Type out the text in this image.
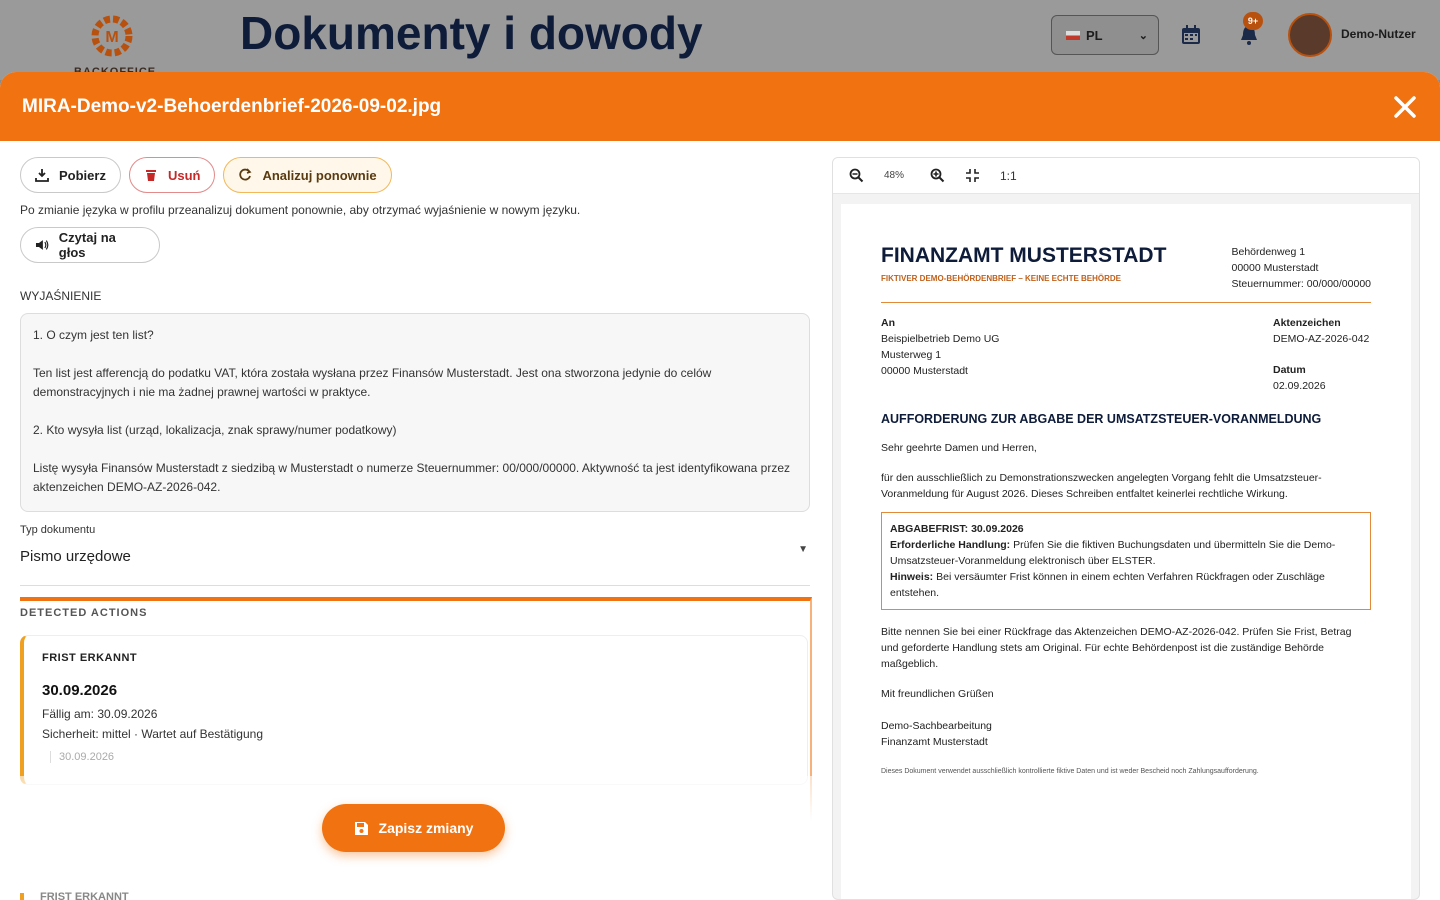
M	Dokumenty i dowody	PL	⌄
9+
Demo-Nutzer
MIRA-Demo-v2-Behoerdenbrief-2026-09-02.jpg
Pobierz	Usuń	Analizuj ponownie
Po zmianie języka w profilu przeanalizuj dokument ponownie, aby otrzymać wyjaśnienie w nowym języku.
Czytaj na głos
WYJAŚNIENIE

1. O czym jest ten list?

Ten list jest afferencją do podatku VAT, która została wysłana przez Finansów Musterstadt. Jest ona stworzona jedynie do celów demonstracyjnych i nie ma żadnej prawnej wartości w praktyce.

2. Kto wysyła list (urząd, lokalizacja, znak sprawy/numer podatkowy)

Listę wysyła Finansów Musterstadt z siedzibą w Musterstadt o numerze Steuernummer: 00/000/00000. Aktywność ta jest identyfikowana przez aktenzeichen DEMO-AZ-2026-042.

Typ dokumentu
Pismo urzędowe	▼
DETECTED ACTIONS
FRIST ERKANNT
30.09.2026
Fällig am: 30.09.2026
Sicherheit: mittel · Wartet auf Bestätigung
30.09.2026
FRIST ERKANNT
Zapisz zmiany
48%	1:1
FINANZAMT MUSTERSTADT
FIKTIVER DEMO-BEHÖRDENBRIEF – KEINE ECHTE BEHÖRDE
Behördenweg 1
00000 Musterstadt
Steuernummer: 00/000/00000
An
Beispielbetrieb Demo UG
Musterweg 1
00000 Musterstadt
Aktenzeichen
DEMO-AZ-2026-042
Datum
02.09.2026
AUFFORDERUNG ZUR ABGABE DER UMSATZSTEUER-VORANMELDUNG
Sehr geehrte Damen und Herren,
für den ausschließlich zu Demonstrationszwecken angelegten Vorgang fehlt die Umsatzsteuer-Voranmeldung für August 2026. Dieses Schreiben entfaltet keinerlei rechtliche Wirkung.
ABGABEFRIST: 30.09.2026
Erforderliche Handlung: Prüfen Sie die fiktiven Buchungsdaten und übermitteln Sie die Demo-Umsatzsteuer-Voranmeldung elektronisch über ELSTER.
Hinweis: Bei versäumter Frist können in einem echten Verfahren Rückfragen oder Zuschläge entstehen.
Bitte nennen Sie bei einer Rückfrage das Aktenzeichen DEMO-AZ-2026-042. Prüfen Sie Frist, Betrag und geforderte Handlung stets am Original. Für echte Behördenpost ist die zuständige Behörde maßgeblich.
Mit freundlichen Grüßen
Demo-Sachbearbeitung
Finanzamt Musterstadt
Dieses Dokument verwendet ausschließlich kontrollierte fiktive Daten und ist weder Bescheid noch Zahlungsaufforderung.
